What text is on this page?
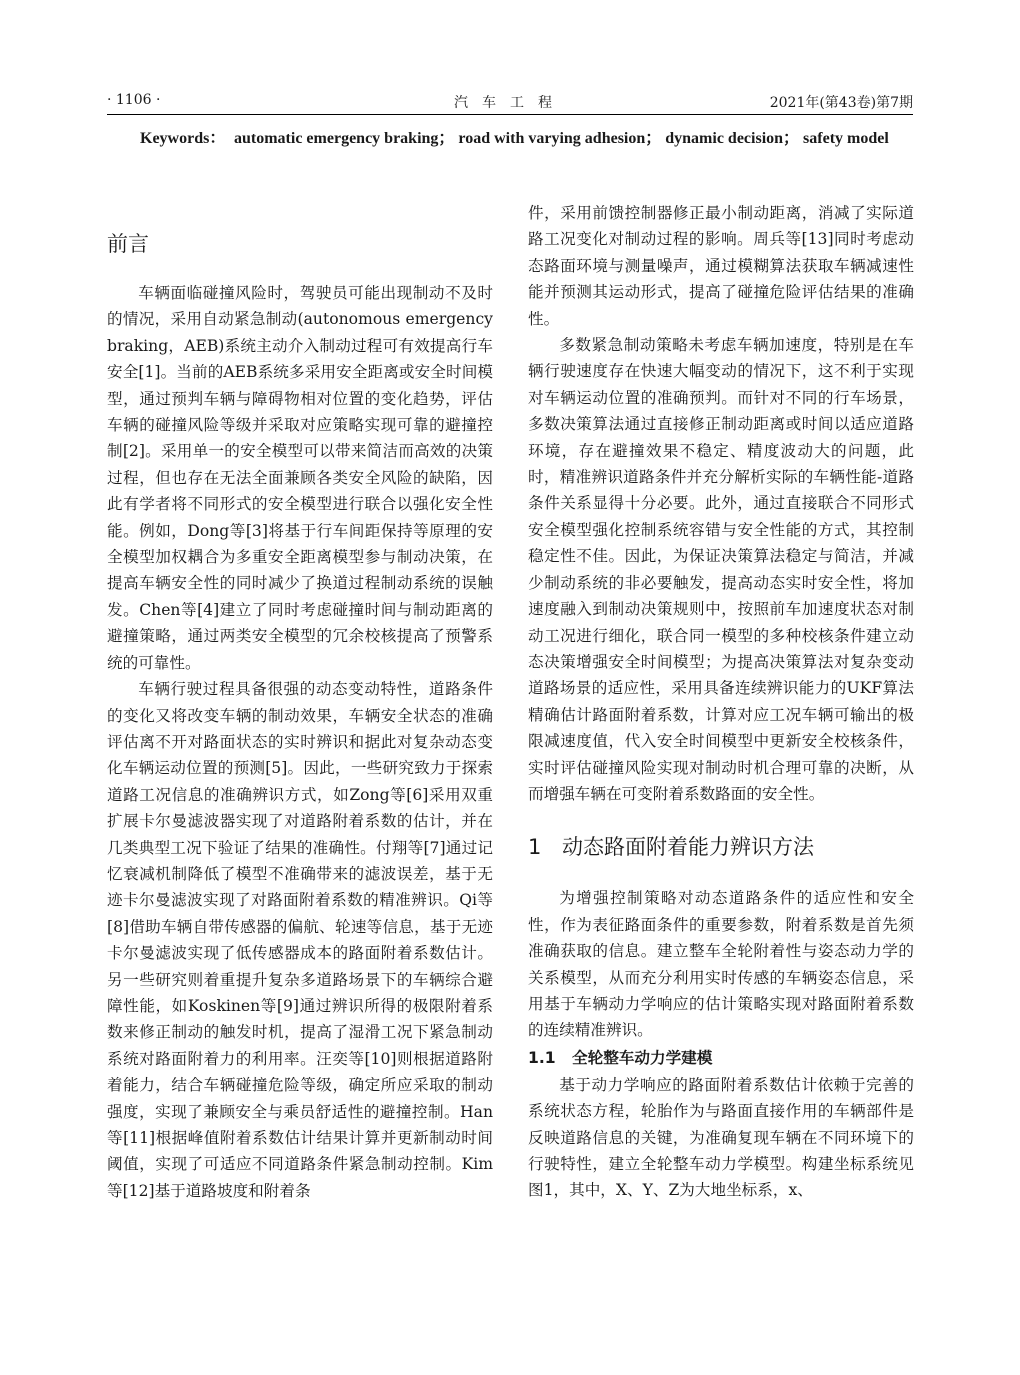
· 1106 ·	汽车工程	2021年(第43卷)第7期
Keywords： automatic emergency braking； road with varying adhesion； dynamic decision； safety model
前言

车辆面临碰撞风险时，驾驶员可能出现制动不及时的情况，采用自动紧急制动(autonomous emergency braking，AEB)系统主动介入制动过程可有效提高行车安全[1]。当前的AEB系统多采用安全距离或安全时间模型，通过预判车辆与障碍物相对位置的变化趋势，评估车辆的碰撞风险等级并采取对应策略实现可靠的避撞控制[2]。采用单一的安全模型可以带来简洁而高效的决策过程，但也存在无法全面兼顾各类安全风险的缺陷，因此有学者将不同形式的安全模型进行联合以强化安全性能。例如，Dong等[3]将基于行车间距保持等原理的安全模型加权耦合为多重安全距离模型参与制动决策，在提高车辆安全性的同时减少了换道过程制动系统的误触发。Chen等[4]建立了同时考虑碰撞时间与制动距离的避撞策略，通过两类安全模型的冗余校核提高了预警系统的可靠性。

车辆行驶过程具备很强的动态变动特性，道路条件的变化又将改变车辆的制动效果，车辆安全状态的准确评估离不开对路面状态的实时辨识和据此对复杂动态变化车辆运动位置的预测[5]。因此，一些研究致力于探索道路工况信息的准确辨识方式，如Zong等[6]采用双重扩展卡尔曼滤波器实现了对道路附着系数的估计，并在几类典型工况下验证了结果的准确性。付翔等[7]通过记忆衰减机制降低了模型不准确带来的滤波误差，基于无迹卡尔曼滤波实现了对路面附着系数的精准辨识。Qi等[8]借助车辆自带传感器的偏航、轮速等信息，基于无迹卡尔曼滤波实现了低传感器成本的路面附着系数估计。另一些研究则着重提升复杂多道路场景下的车辆综合避障性能，如Koskinen等[9]通过辨识所得的极限附着系数来修正制动的触发时机，提高了湿滑工况下紧急制动系统对路面附着力的利用率。汪奕等[10]则根据道路附着能力，结合车辆碰撞危险等级，确定所应采取的制动强度，实现了兼顾安全与乘员舒适性的避撞控制。Han等[11]根据峰值附着系数估计结果计算并更新制动时间阈值，实现了可适应不同道路条件紧急制动控制。Kim等[12]基于道路坡度和附着条

件，采用前馈控制器修正最小制动距离，消减了实际道路工况变化对制动过程的影响。周兵等[13]同时考虑动态路面环境与测量噪声，通过模糊算法获取车辆减速性能并预测其运动形式，提高了碰撞危险评估结果的准确性。

多数紧急制动策略未考虑车辆加速度，特别是在车辆行驶速度存在快速大幅变动的情况下，这不利于实现对车辆运动位置的准确预判。而针对不同的行车场景，多数决策算法通过直接修正制动距离或时间以适应道路环境，存在避撞效果不稳定、精度波动大的问题，此时，精准辨识道路条件并充分解析实际的车辆性能-道路条件关系显得十分必要。此外，通过直接联合不同形式安全模型强化控制系统容错与安全性能的方式，其控制稳定性不佳。因此，为保证决策算法稳定与简洁，并减少制动系统的非必要触发，提高动态实时安全性，将加速度融入到制动决策规则中，按照前车加速度状态对制动工况进行细化，联合同一模型的多种校核条件建立动态决策增强安全时间模型；为提高决策算法对复杂变动道路场景的适应性，采用具备连续辨识能力的UKF算法精确估计路面附着系数，计算对应工况车辆可输出的极限减速度值，代入安全时间模型中更新安全校核条件，实时评估碰撞风险实现对制动时机合理可靠的决断，从而增强车辆在可变附着系数路面的安全性。

1 动态路面附着能力辨识方法

为增强控制策略对动态道路条件的适应性和安全性，作为表征路面条件的重要参数，附着系数是首先须准确获取的信息。建立整车全轮附着性与姿态动力学的关系模型，从而充分利用实时传感的车辆姿态信息，采用基于车辆动力学响应的估计策略实现对路面附着系数的连续精准辨识。

1.1 全轮整车动力学建模

基于动力学响应的路面附着系数估计依赖于完善的系统状态方程，轮胎作为与路面直接作用的车辆部件是反映道路信息的关键，为准确复现车辆在不同环境下的行驶特性，建立全轮整车动力学模型。构建坐标系统见图1，其中，X、Y、Z为大地坐标系，x、
